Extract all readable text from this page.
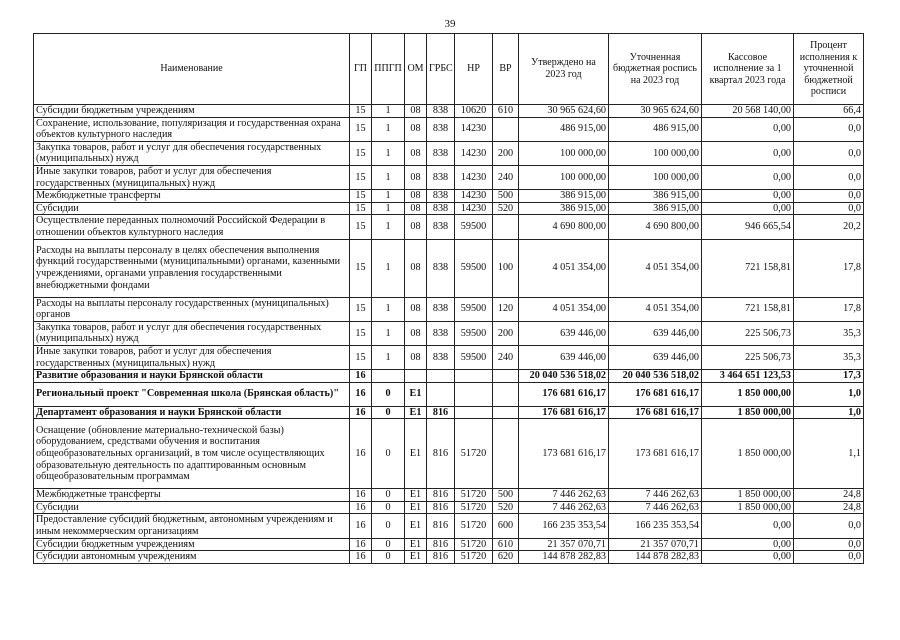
39
Наименование	ГП	ППГП	ОМ	ГРБС	НР	ВР	Утверждено на 2023 год	Уточненная бюджетная роспись на 2023 год	Кассовое исполнение за 1 квартал 2023 года	Процент исполнения к уточненной бюджетной росписи
Субсидии бюджетным учреждениям	15	1	08	838	10620	610	30 965 624,60	30 965 624,60	20 568 140,00	66,4
Сохранение, использование, популяризация и государственная охрана объектов культурного наследия	15	1	08	838	14230		486 915,00	486 915,00	0,00	0,0
Закупка товаров, работ и услуг для обеспечения государственных (муниципальных) нужд	15	1	08	838	14230	200	100 000,00	100 000,00	0,00	0,0
Иные закупки товаров, работ и услуг для обеспечения государственных (муниципальных) нужд	15	1	08	838	14230	240	100 000,00	100 000,00	0,00	0,0
Межбюджетные трансферты	15	1	08	838	14230	500	386 915,00	386 915,00	0,00	0,0
Субсидии	15	1	08	838	14230	520	386 915,00	386 915,00	0,00	0,0
Осуществление переданных полномочий Российской Федерации в отношении объектов культурного наследия	15	1	08	838	59500		4 690 800,00	4 690 800,00	946 665,54	20,2
Расходы на выплаты персоналу в целях обеспечения выполнения функций государственными (муниципальными) органами, казенными учреждениями, органами управления государственными внебюджетными фондами	15	1	08	838	59500	100	4 051 354,00	4 051 354,00	721 158,81	17,8
Расходы на выплаты персоналу государственных (муниципальных) органов	15	1	08	838	59500	120	4 051 354,00	4 051 354,00	721 158,81	17,8
Закупка товаров, работ и услуг для обеспечения государственных (муниципальных) нужд	15	1	08	838	59500	200	639 446,00	639 446,00	225 506,73	35,3
Иные закупки товаров, работ и услуг для обеспечения государственных (муниципальных) нужд	15	1	08	838	59500	240	639 446,00	639 446,00	225 506,73	35,3
Развитие образования и науки Брянской области	16						20 040 536 518,02	20 040 536 518,02	3 464 651 123,53	17,3
Региональный проект "Современная школа (Брянская область)"	16	0	E1				176 681 616,17	176 681 616,17	1 850 000,00	1,0
Департамент образования и науки Брянской области	16	0	E1	816			176 681 616,17	176 681 616,17	1 850 000,00	1,0
Оснащение (обновление материально-технической базы) оборудованием, средствами обучения и воспитания общеобразовательных организаций, в том числе осуществляющих образовательную деятельность по адаптированным основным общеобразовательным программам	16	0	E1	816	51720		173 681 616,17	173 681 616,17	1 850 000,00	1,1
Межбюджетные трансферты	16	0	E1	816	51720	500	7 446 262,63	7 446 262,63	1 850 000,00	24,8
Субсидии	16	0	E1	816	51720	520	7 446 262,63	7 446 262,63	1 850 000,00	24,8
Предоставление субсидий бюджетным, автономным учреждениям и иным некоммерческим организациям	16	0	E1	816	51720	600	166 235 353,54	166 235 353,54	0,00	0,0
Субсидии бюджетным учреждениям	16	0	E1	816	51720	610	21 357 070,71	21 357 070,71	0,00	0,0
Субсидии автономным учреждениям	16	0	E1	816	51720	620	144 878 282,83	144 878 282,83	0,00	0,0
